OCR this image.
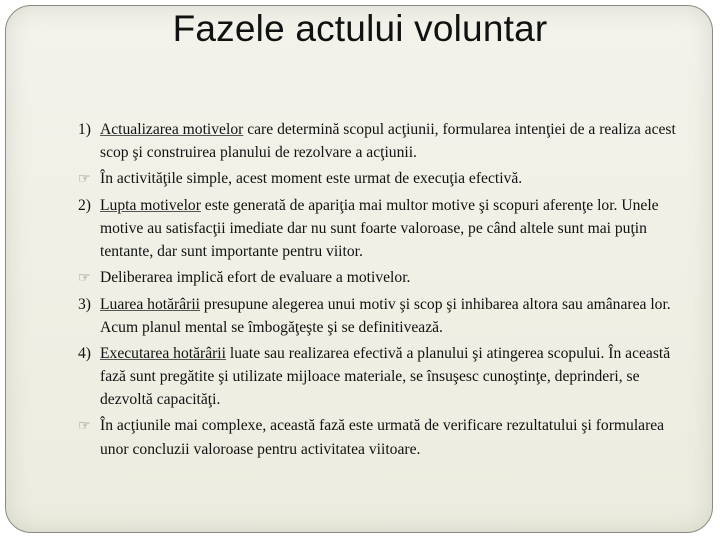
Fazele actului voluntar

1) Actualizarea motivelor care determină scopul acţiunii, formularea intenţiei de a realiza acest scop şi construirea planului de rezolvare a acţiunii.

☞ În activităţile simple, acest moment este urmat de execuţia efectivă.

2) Lupta motivelor este generată de apariţia mai multor motive şi scopuri aferenţe lor. Unele motive au satisfacţii imediate dar nu sunt foarte valoroase, pe când altele sunt mai puţin tentante, dar sunt importante pentru viitor.

☞ Deliberarea implică efort de evaluare a motivelor.

3) Luarea hotărârii presupune alegerea unui motiv şi scop şi inhibarea altora sau amânarea lor. Acum planul mental se îmbogăţeşte şi se definitivează.

4) Executarea hotărârii luate sau realizarea efectivă a planului şi atingerea scopului. În această fază sunt pregătite şi utilizate mijloace materiale, se însuşesc cunoştinţe, deprinderi, se dezvoltă capacităţi.

☞ În acţiunile mai complexe, această fază este urmată de verificare rezultatului şi formularea unor concluzii valoroase pentru activitatea viitoare.
